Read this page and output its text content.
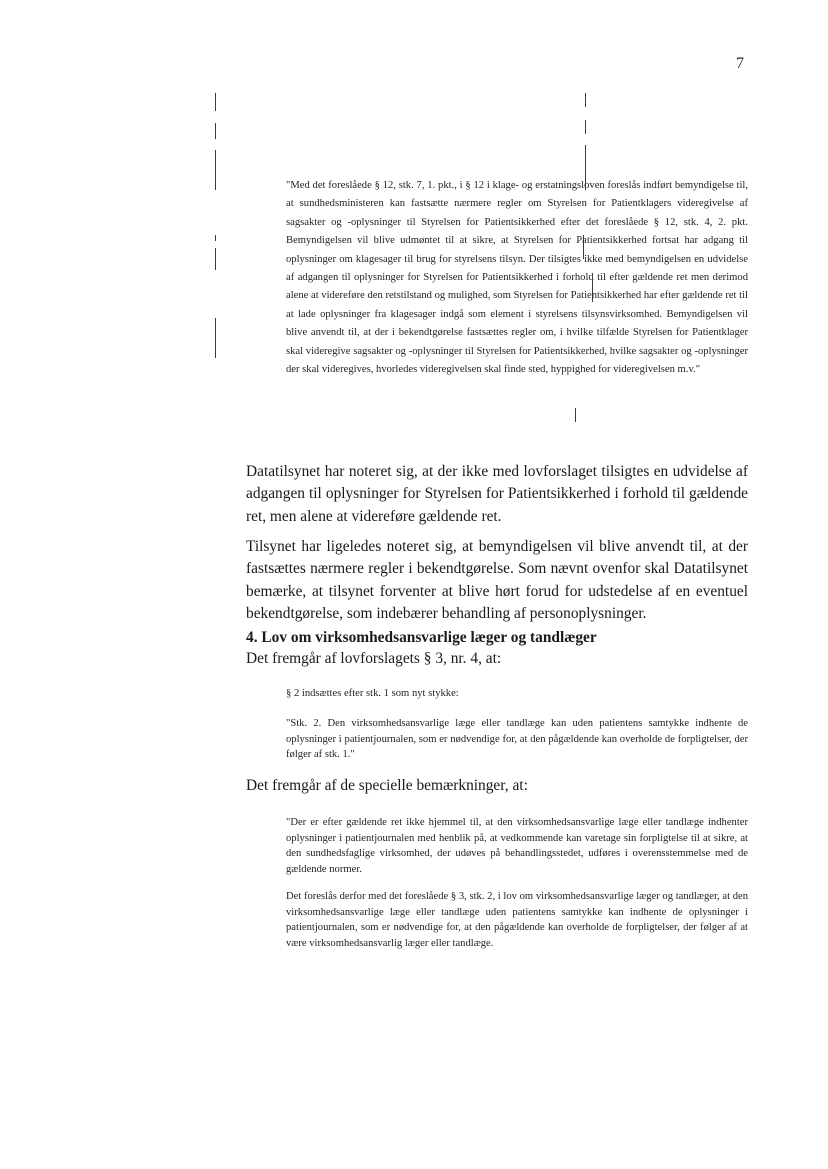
7

"Med det foreslåede § 12, stk. 7, 1. pkt., i § 12 i klage- og erstatningsloven foreslås indført bemyndigelse til, at sundhedsministeren kan fastsætte nærmere regler om Styrelsen for Patientklagers videregivelse af sagsakter og -oplysninger til Styrelsen for Patientsikkerhed efter det foreslåede § 12, stk. 4, 2. pkt. Bemyndigelsen vil blive udmøntet til at sikre, at Styrelsen for Patientsikkerhed fortsat har adgang til oplysninger om klagesager til brug for styrelsens tilsyn. Der tilsigtes ikke med bemyndigelsen en udvidelse af adgangen til oplysninger for Styrelsen for Patientsikkerhed i forhold til efter gældende ret men derimod alene at videreføre den retstilstand og mulighed, som Styrelsen for Patientsikkerhed har efter gældende ret til at lade oplysninger fra klagesager indgå som element i styrelsens tilsynsvirksomhed. Bemyndigelsen vil blive anvendt til, at der i bekendtgørelse fastsættes regler om, i hvilke tilfælde Styrelsen for Patientklager skal videregive sagsakter og -oplysninger til Styrelsen for Patientsikkerhed, hvilke sagsakter og -oplysninger der skal videregives, hvorledes videregivelsen skal finde sted, hyppighed for videregivelsen m.v."

Datatilsynet har noteret sig, at der ikke med lovforslaget tilsigtes en udvidelse af adgangen til oplysninger for Styrelsen for Patientsikkerhed i forhold til gældende ret, men alene at videreføre gældende ret.

Tilsynet har ligeledes noteret sig, at bemyndigelsen vil blive anvendt til, at der fastsættes nærmere regler i bekendtgørelse. Som nævnt ovenfor skal Datatilsynet bemærke, at tilsynet forventer at blive hørt forud for udstedelse af en eventuel bekendtgørelse, som indebærer behandling af personoplysninger.

4. Lov om virksomhedsansvarlige læger og tandlæger
Det fremgår af lovforslagets § 3, nr. 4, at:

§ 2 indsættes efter stk. 1 som nyt stykke:

"Stk. 2. Den virksomhedsansvarlige læge eller tandlæge kan uden patientens samtykke indhente de oplysninger i patientjournalen, som er nødvendige for, at den pågældende kan overholde de forpligtelser, der følger af stk. 1."

Det fremgår af de specielle bemærkninger, at:

"Der er efter gældende ret ikke hjemmel til, at den virksomhedsansvarlige læge eller tandlæge indhenter oplysninger i patientjournalen med henblik på, at vedkommende kan varetage sin forpligtelse til at sikre, at den sundhedsfaglige virksomhed, der udøves på behandlingsstedet, udføres i overensstemmelse med de gældende normer.

Det foreslås derfor med det foreslåede § 3, stk. 2, i lov om virksomhedsansvarlige læger og tandlæger, at den virksomhedsansvarlige læge eller tandlæge uden patientens samtykke kan indhente de oplysninger i patientjournalen, som er nødvendige for, at den pågældende kan overholde de forpligtelser, der følger af at være virksomhedsansvarlig læger eller tandlæge.
